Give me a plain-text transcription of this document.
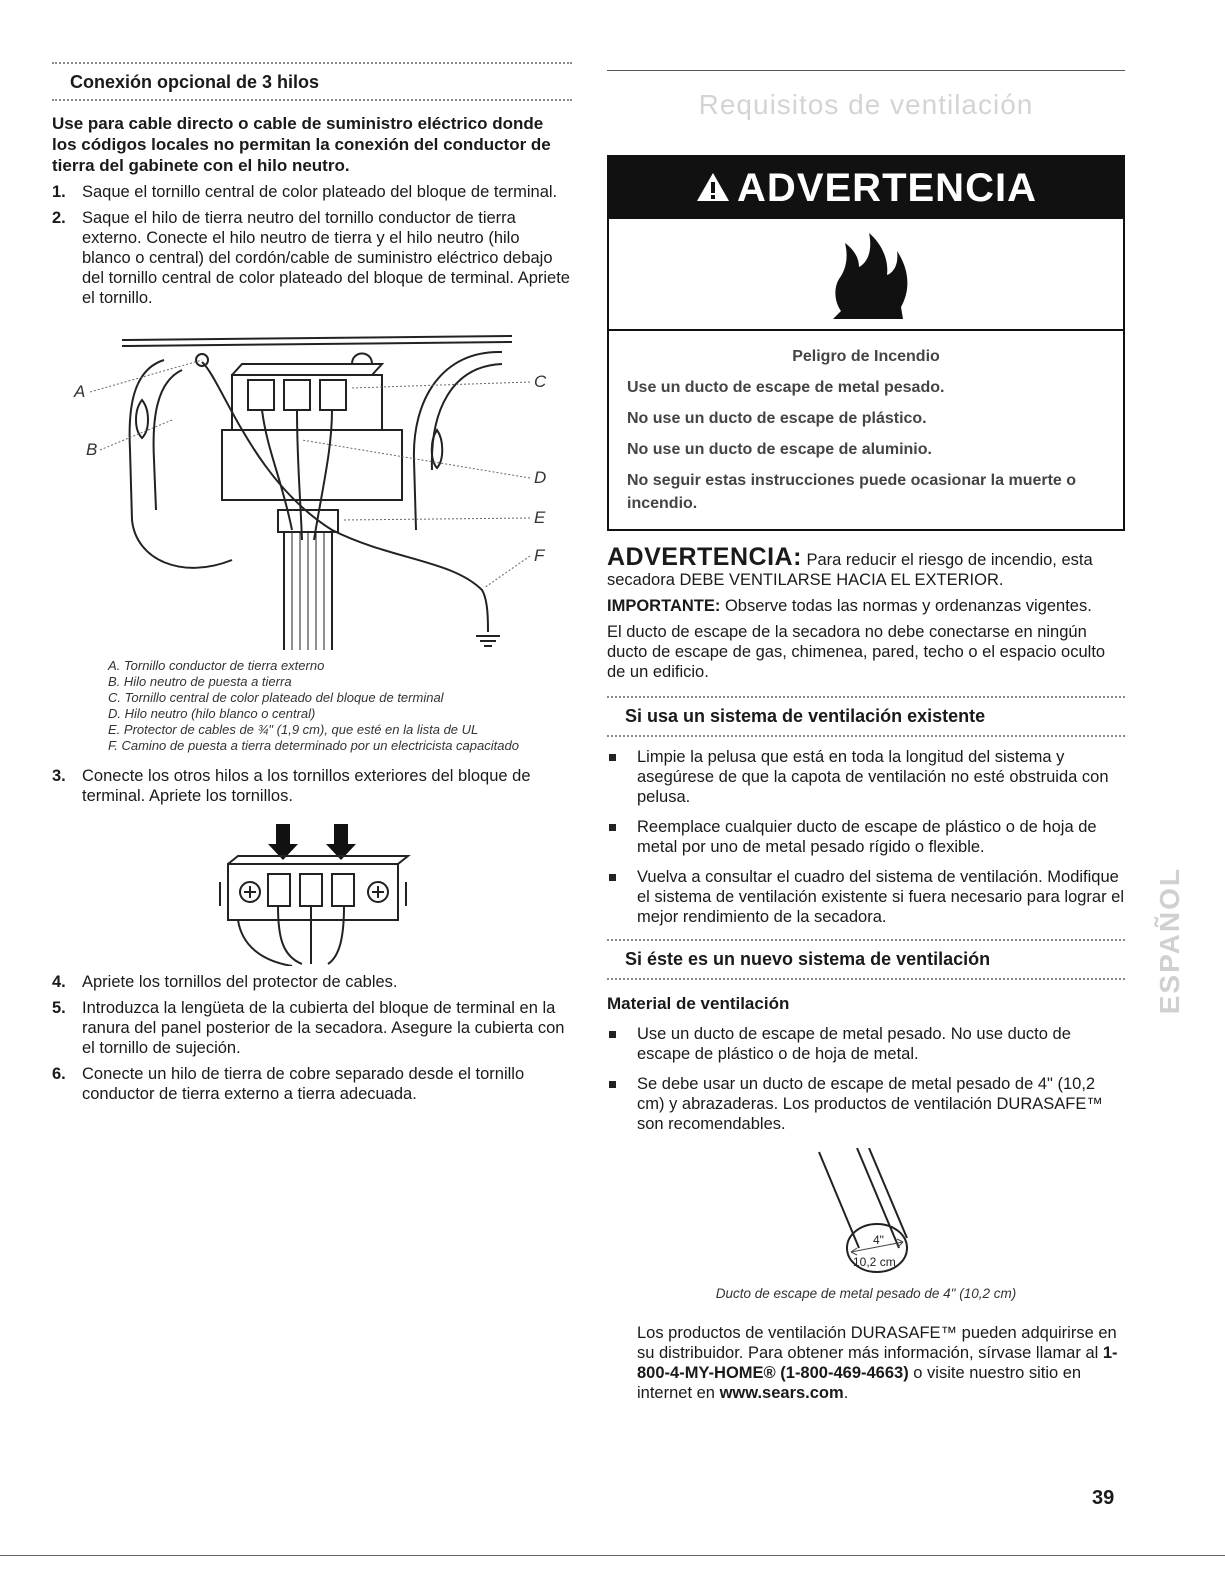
Conexión opcional de 3 hilos
Use para cable directo o cable de suministro eléctrico donde los códigos locales no permitan la conexión del conductor de tierra del gabinete con el hilo neutro.
1. Saque el tornillo central de color plateado del bloque de terminal.
2. Saque el hilo de tierra neutro del tornillo conductor de tierra externo. Conecte el hilo neutro de tierra y el hilo neutro (hilo blanco o central) del cordón/cable de suministro eléctrico debajo del tornillo central de color plateado del bloque de terminal. Apriete el tornillo.
A
B
C
D
E
F
A. Tornillo conductor de tierra externo
B. Hilo neutro de puesta a tierra
C. Tornillo central de color plateado del bloque de terminal
D. Hilo neutro (hilo blanco o central)
E. Protector de cables de ¾" (1,9 cm), que esté en la lista de UL
F. Camino de puesta a tierra determinado por un electricista capacitado
3. Conecte los otros hilos a los tornillos exteriores del bloque de terminal. Apriete los tornillos.
4. Apriete los tornillos del protector de cables.
5. Introduzca la lengüeta de la cubierta del bloque de terminal en la ranura del panel posterior de la secadora. Asegure la cubierta con el tornillo de sujeción.
6. Conecte un hilo de tierra de cobre separado desde el tornillo conductor de tierra externo a tierra adecuada.
Requisitos de ventilación
ADVERTENCIA
Peligro de Incendio

Use un ducto de escape de metal pesado.

No use un ducto de escape de plástico.

No use un ducto de escape de aluminio.

No seguir estas instrucciones puede ocasionar la muerte o incendio.

ADVERTENCIA: Para reducir el riesgo de incendio, esta secadora DEBE VENTILARSE HACIA EL EXTERIOR.
IMPORTANTE: Observe todas las normas y ordenanzas vigentes.
El ducto de escape de la secadora no debe conectarse en ningún ducto de escape de gas, chimenea, pared, techo o el espacio oculto de un edificio.
Si usa un sistema de ventilación existente
Limpie la pelusa que está en toda la longitud del sistema y asegúrese de que la capota de ventilación no esté obstruida con pelusa.
Reemplace cualquier ducto de escape de plástico o de hoja de metal por uno de metal pesado rígido o flexible.
Vuelva a consultar el cuadro del sistema de ventilación. Modifique el sistema de ventilación existente si fuera necesario para lograr el mejor rendimiento de la secadora.
Si éste es un nuevo sistema de ventilación
Material de ventilación
Use un ducto de escape de metal pesado. No use ducto de escape de plástico o de hoja de metal.
Se debe usar un ducto de escape de metal pesado de 4" (10,2 cm) y abrazaderas. Los productos de ventilación DURASAFE™ son recomendables.
4"
10,2 cm
Ducto de escape de metal pesado de 4" (10,2 cm)
Los productos de ventilación DURASAFE™ pueden adquirirse en su distribuidor. Para obtener más información, sírvase llamar al 1-800-4-MY-HOME® (1-800-469-4663) o visite nuestro sitio en internet en www.sears.com.
ESPAÑOL
39
